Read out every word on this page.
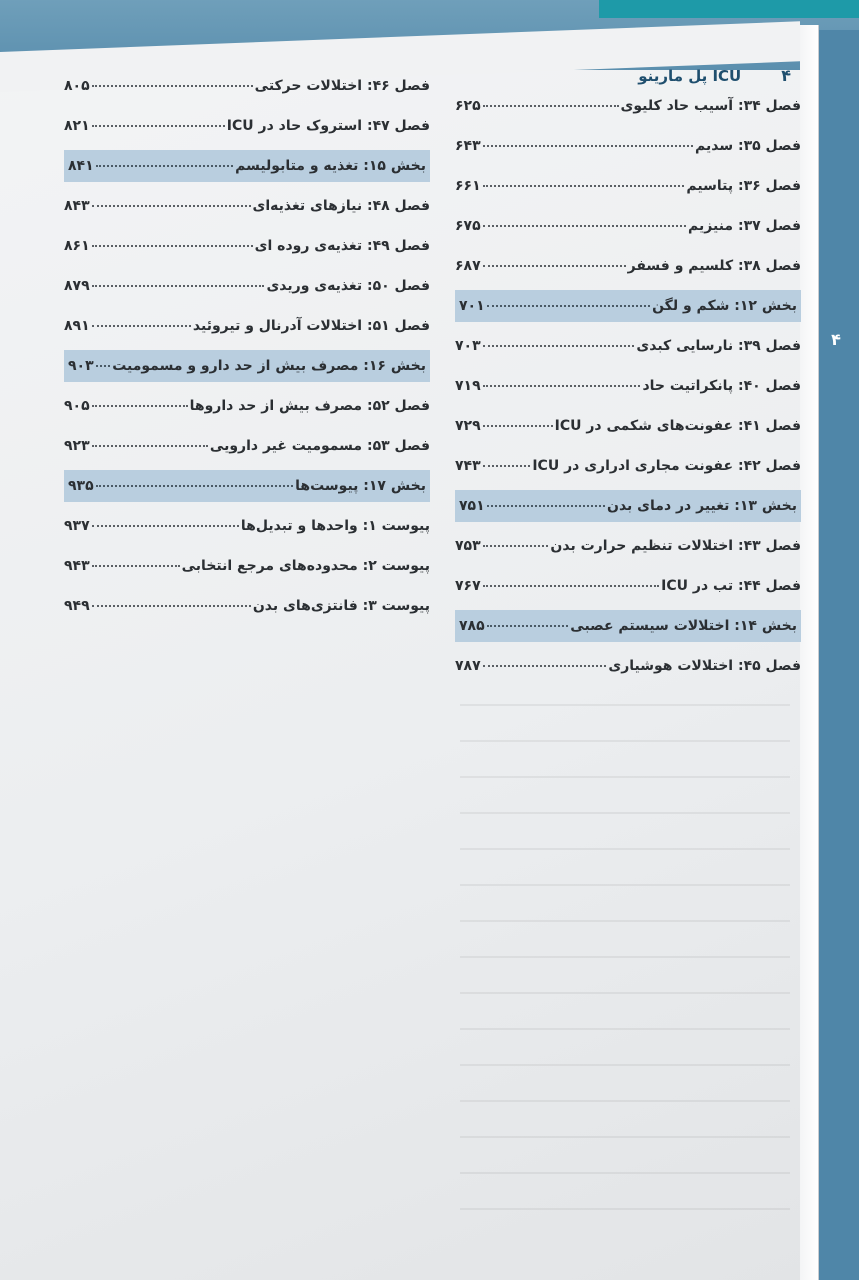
۴
۴
ICU پل مارینو
فصل ۳۴: آسیب حاد کلیوی
۶۲۵
فصل ۳۵: سدیم
۶۴۳
فصل ۳۶: پتاسیم
۶۶۱
فصل ۳۷: منیزیم
۶۷۵
فصل ۳۸: کلسیم و فسفر
۶۸۷
بخش ۱۲: شکم و لگن
۷۰۱
فصل ۳۹: نارسایی کبدی
۷۰۳
فصل ۴۰: پانکراتیت حاد
۷۱۹
فصل ۴۱: عفونت‌های شکمی در ICU
۷۲۹
فصل ۴۲: عفونت مجاری ادراری در ICU
۷۴۳
بخش ۱۳: تغییر در دمای بدن
۷۵۱
فصل ۴۳: اختلالات تنظیم حرارت بدن
۷۵۳
فصل ۴۴: تب در ICU
۷۶۷
بخش ۱۴: اختلالات سیستم عصبی
۷۸۵
فصل ۴۵: اختلالات هوشیاری
۷۸۷
فصل ۴۶: اختلالات حرکتی
۸۰۵
فصل ۴۷: استروک حاد در ICU
۸۲۱
بخش ۱۵: تغذیه و متابولیسم
۸۴۱
فصل ۴۸: نیازهای تغذیه‌ای
۸۴۳
فصل ۴۹: تغذیه‌ی روده ای
۸۶۱
فصل ۵۰: تغذیه‌ی وریدی
۸۷۹
فصل ۵۱: اختلالات آدرنال و تیروئید
۸۹۱
بخش ۱۶: مصرف بیش از حد دارو و مسمومیت
۹۰۳
فصل ۵۲: مصرف بیش از حد داروها
۹۰۵
فصل ۵۳: مسمومیت غیر دارویی
۹۲۳
بخش ۱۷: پیوست‌ها
۹۳۵
پیوست ۱: واحدها و تبدیل‌ها
۹۳۷
پیوست ۲: محدوده‌های مرجع انتخابی
۹۴۳
پیوست ۳: فانتزی‌های بدن
۹۴۹
